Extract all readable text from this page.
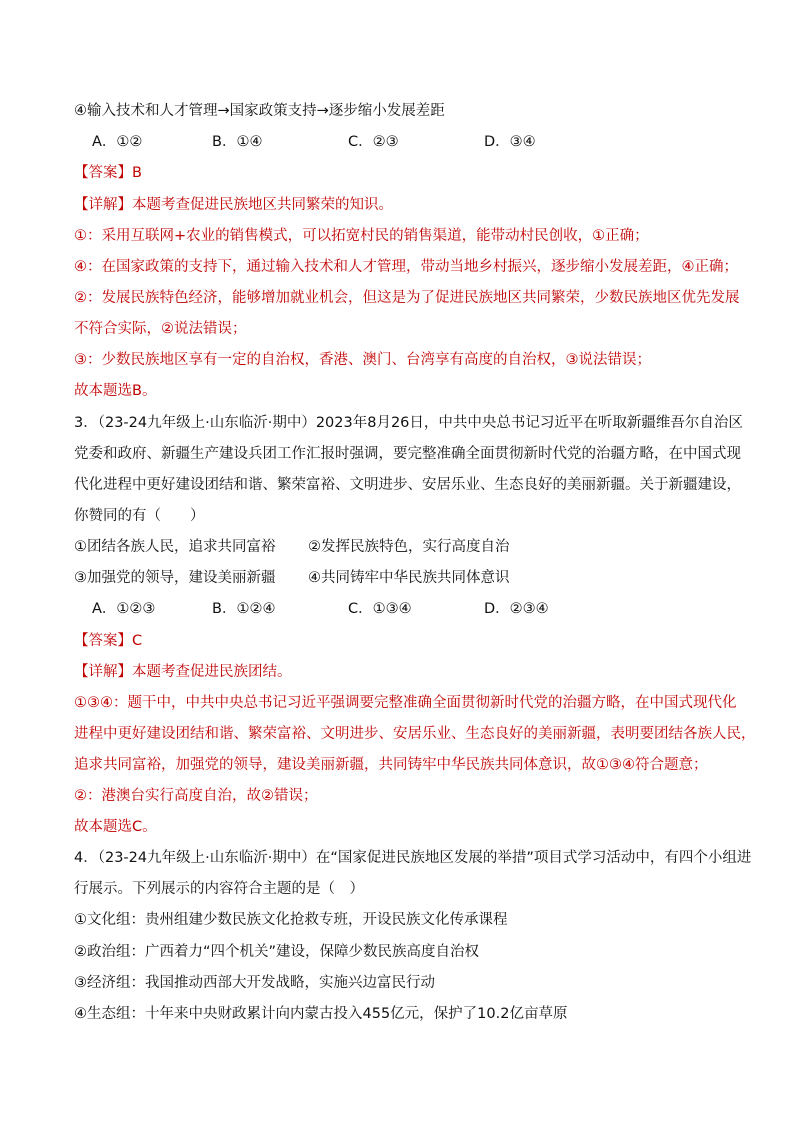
④输入技术和人才管理→国家政策支持→逐步缩小发展差距
A．①②	B．①④	C．②③	D．③④
【答案】B
【详解】本题考查促进民族地区共同繁荣的知识。
①：采用互联网+农业的销售模式，可以拓宽村民的销售渠道，能带动村民创收，①正确；
④：在国家政策的支持下，通过输入技术和人才管理，带动当地乡村振兴，逐步缩小发展差距，④正确；
②：发展民族特色经济，能够增加就业机会，但这是为了促进民族地区共同繁荣，少数民族地区优先发展
不符合实际，②说法错误；
③：少数民族地区享有一定的自治权，香港、澳门、台湾享有高度的自治权，③说法错误；
故本题选B。
3．（23-24九年级上·山东临沂·期中）2023年8月26日，中共中央总书记习近平在听取新疆维吾尔自治区
党委和政府、新疆生产建设兵团工作汇报时强调，要完整准确全面贯彻新时代党的治疆方略，在中国式现
代化进程中更好建设团结和谐、繁荣富裕、文明进步、安居乐业、生态良好的美丽新疆。关于新疆建设，
你赞同的有（　　）
①团结各族人民，追求共同富裕 ②发挥民族特色，实行高度自治
③加强党的领导，建设美丽新疆 ④共同铸牢中华民族共同体意识
A．①②③	B．①②④	C．①③④	D．②③④
【答案】C
【详解】本题考查促进民族团结。
①③④：题干中，中共中央总书记习近平强调要完整准确全面贯彻新时代党的治疆方略，在中国式现代化
进程中更好建设团结和谐、繁荣富裕、文明进步、安居乐业、生态良好的美丽新疆，表明要团结各族人民，
追求共同富裕，加强党的领导，建设美丽新疆，共同铸牢中华民族共同体意识，故①③④符合题意；
②：港澳台实行高度自治，故②错误；
故本题选C。
4．（23-24九年级上·山东临沂·期中）在“国家促进民族地区发展的举措”项目式学习活动中，有四个小组进
行展示。下列展示的内容符合主题的是（　）
①文化组：贵州组建少数民族文化抢救专班，开设民族文化传承课程
②政治组：广西着力“四个机关”建设，保障少数民族高度自治权
③经济组：我国推动西部大开发战略，实施兴边富民行动
④生态组：十年来中央财政累计向内蒙古投入455亿元，保护了10.2亿亩草原
